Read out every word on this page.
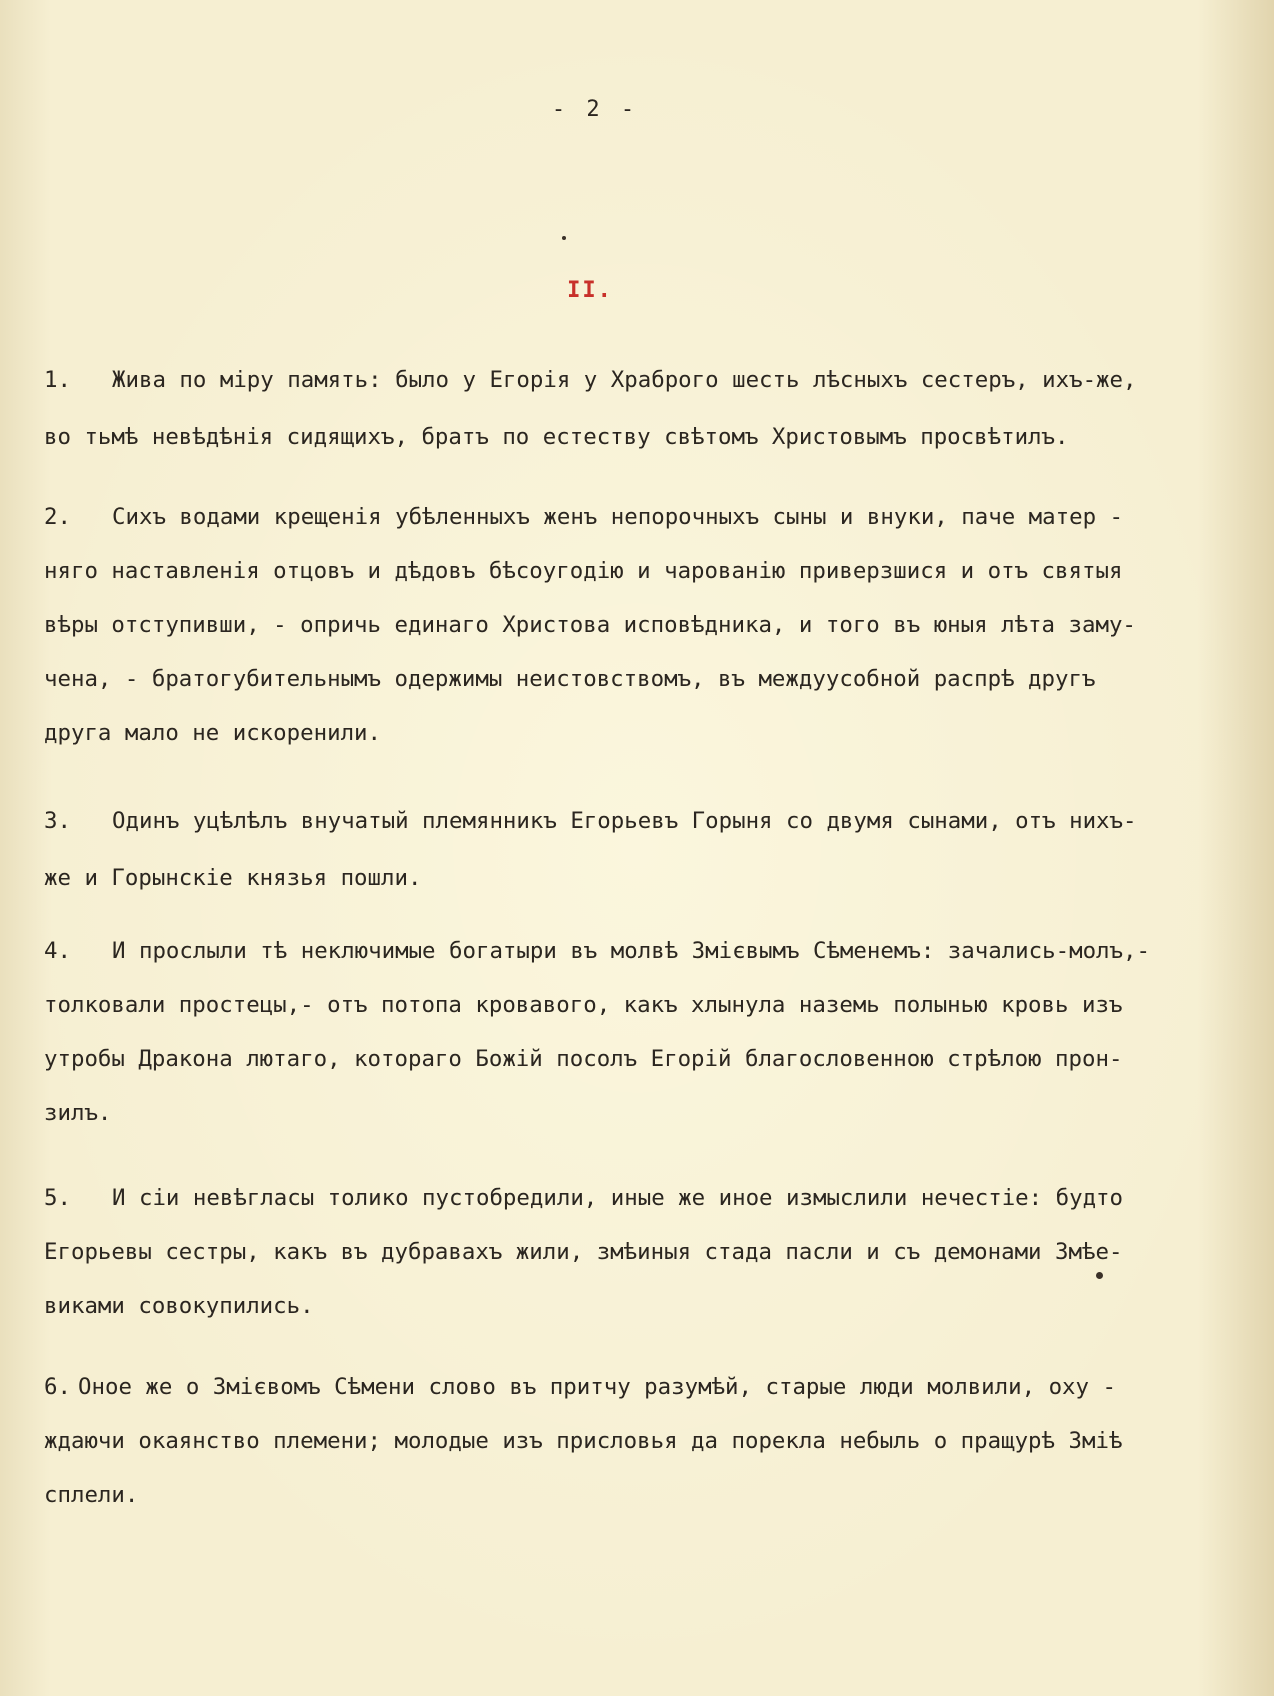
- 2 -
II.
1. Жива по міру память: было у Егорія у Храброго шесть лѣсныхъ сестеръ, ихъ-же,
во тьмѣ невѣдѣнія сидящихъ, братъ по естеству свѣтомъ Христовымъ просвѣтилъ.
2. Сихъ водами крещенія убѣленныхъ женъ непорочныхъ сыны и внуки, паче матер -
няго наставленія отцовъ и дѣдовъ бѣсоугодію и чарованію приверзшися и отъ святыя
вѣры отступивши, - опричь единаго Христова исповѣдника, и того въ юныя лѣта заму-
чена, - братогубительнымъ одержимы неистовствомъ, въ междуусобной распрѣ другъ
друга мало не искоренили.
3. Одинъ уцѣлѣлъ внучатый племянникъ Егорьевъ Горыня со двумя сынами, отъ нихъ-
же и Горынскіе князья пошли.
4. И прослыли тѣ неключимые богатыри въ молвѣ Змієвымъ Сѣменемъ: зачались-молъ,-
толковали простецы,- отъ потопа кровавого, какъ хлынула наземь полынью кровь изъ
утробы Дракона лютаго, котораго Божій посолъ Егорій благословенною стрѣлою прон-
зилъ.
5. И сіи невѣгласы толико пустобредили, иные же иное измыслили нечестіе: будто
Егорьевы сестры, какъ въ дубравахъ жили, змѣиныя стада пасли и съ демонами Змѣе-
виками совокупились.
6. Оное же о Змієвомъ Сѣмени слово въ притчу разумѣй, старые люди молвили, оху -
ждаючи окаянство племени; молодые изъ присловья да порекла небыль о пращурѣ Зміѣ
сплели.
